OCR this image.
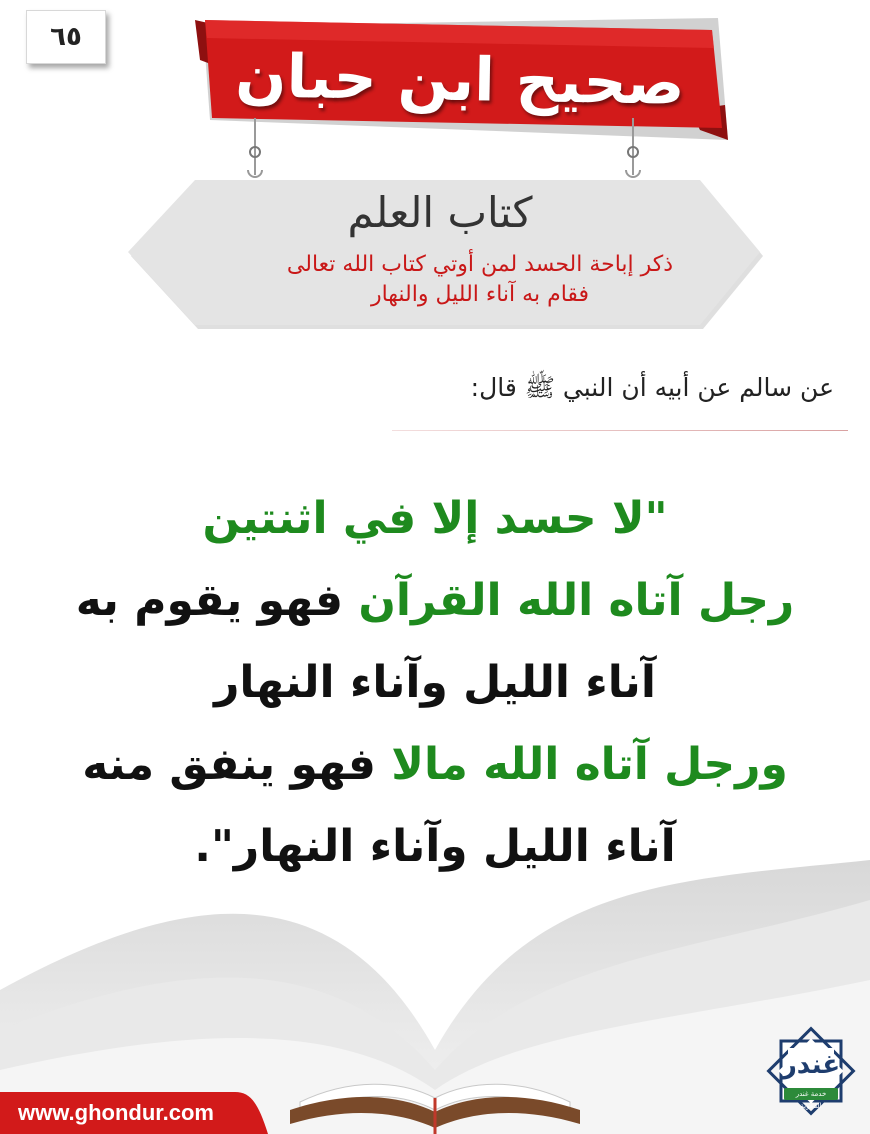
٦٥
صحيح ابن حبان
كتاب العلم
ذكر إباحة الحسد لمن أوتي كتاب الله تعالى
فقام به آناء الليل والنهار
عن سالم عن أبيه أن النبي ﷺ قال:
"لا حسد إلا في اثنتين
رجل آتاه الله القرآن فهو يقوم به
آناء الليل وآناء النهار
ورجل آتاه الله مالا فهو ينفق منه
آناء الليل وآناء النهار".
غندر
خدمة غندر الدعوية
www.ghondur.com
